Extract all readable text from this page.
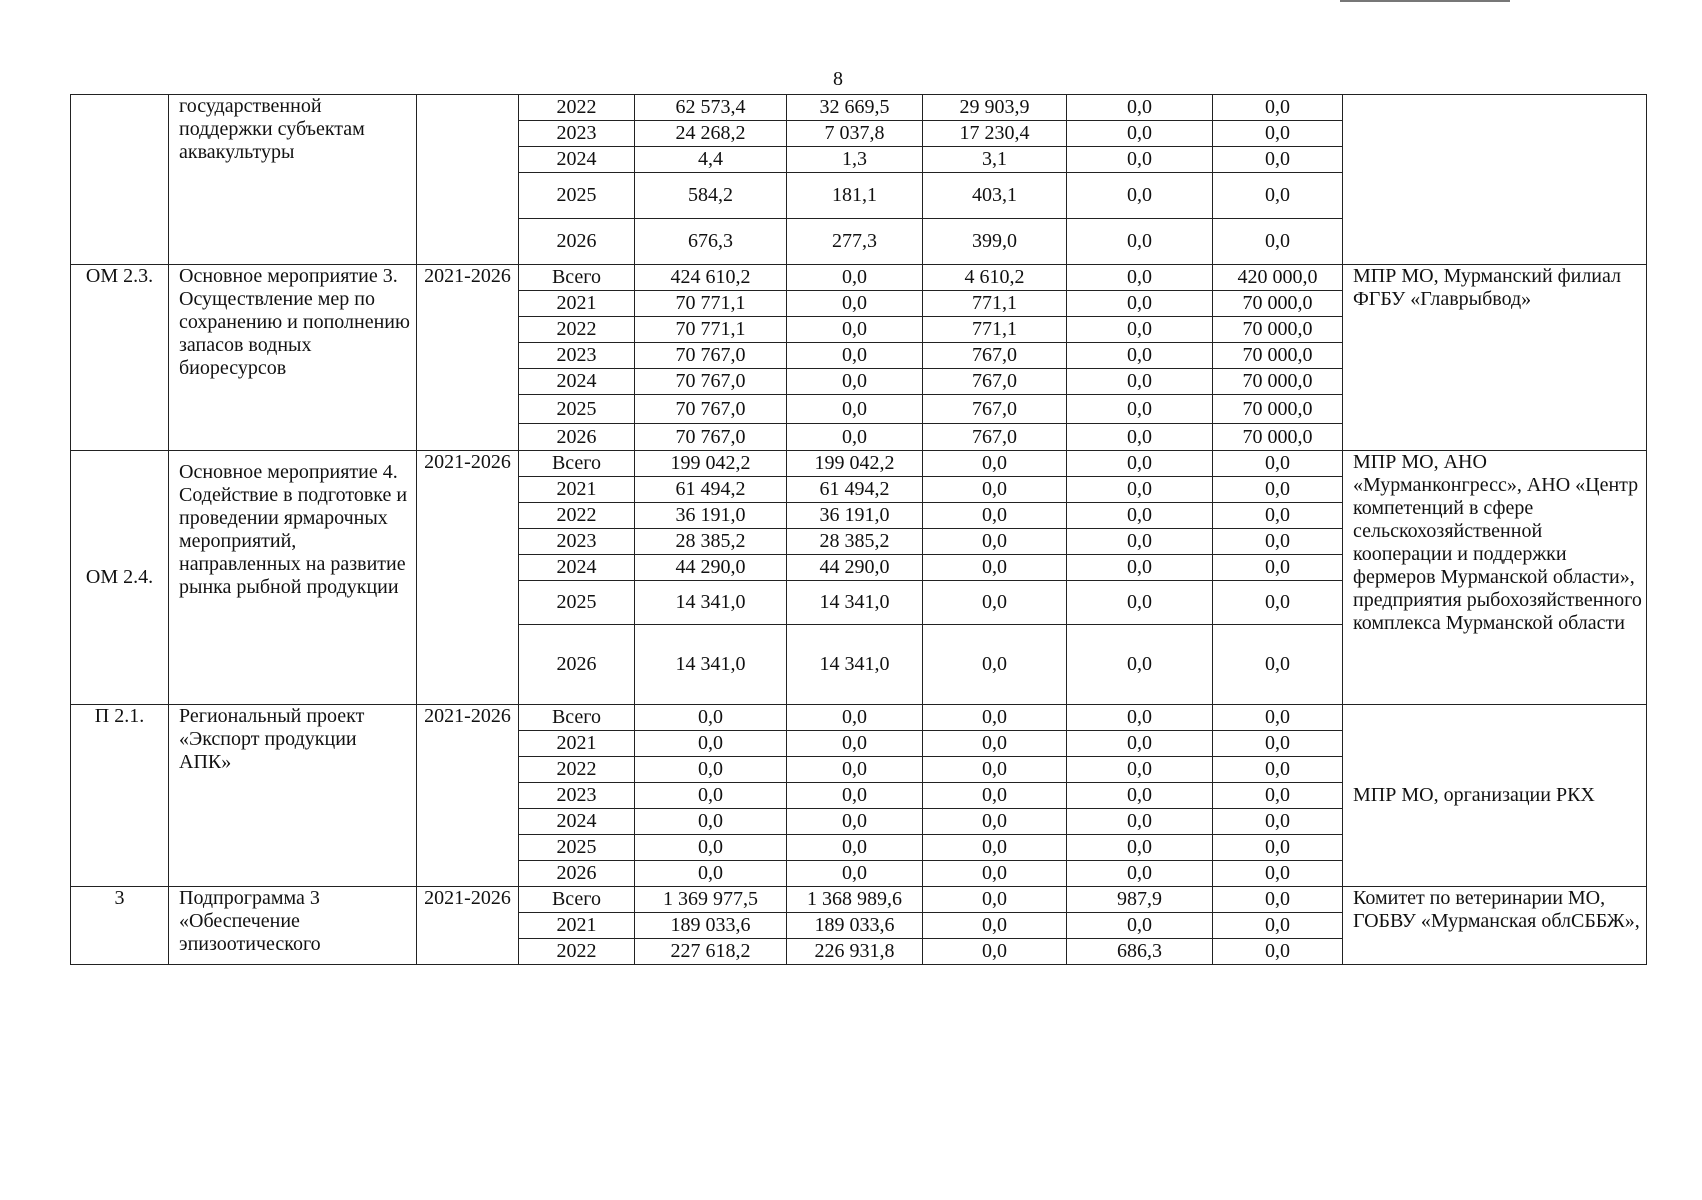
8
	государственной поддержки субъектам аквакультуры		2022	62 573,4	32 669,5	29 903,9	0,0	0,0	
			2023	24 268,2	7 037,8	17 230,4	0,0	0,0	
			2024	4,4	1,3	3,1	0,0	0,0	
			2025	584,2	181,1	403,1	0,0	0,0	
			2026	676,3	277,3	399,0	0,0	0,0	
ОМ 2.3.	Основное мероприятие 3. Осуществление мер по сохранению и пополнению запасов водных биоресурсов	2021-2026	Всего	424 610,2	0,0	4 610,2	0,0	420 000,0	МПР МО, Мурманский филиал ФГБУ «Главрыбвод»
			2021	70 771,1	0,0	771,1	0,0	70 000,0	
			2022	70 771,1	0,0	771,1	0,0	70 000,0	
			2023	70 767,0	0,0	767,0	0,0	70 000,0	
			2024	70 767,0	0,0	767,0	0,0	70 000,0	
			2025	70 767,0	0,0	767,0	0,0	70 000,0	
			2026	70 767,0	0,0	767,0	0,0	70 000,0	
ОМ 2.4.	Основное мероприятие 4. Содействие в подготовке и проведении ярмарочных мероприятий, направленных на развитие рынка рыбной продукции	2021-2026	Всего	199 042,2	199 042,2	0,0	0,0	0,0	МПР МО, АНО «Мурманконгресс», АНО «Центр компетенций в сфере сельскохозяйственной кооперации и поддержки фермеров Мурманской области», предприятия рыбохозяйственного комплекса Мурманской области
			2021	61 494,2	61 494,2	0,0	0,0	0,0	
			2022	36 191,0	36 191,0	0,0	0,0	0,0	
			2023	28 385,2	28 385,2	0,0	0,0	0,0	
			2024	44 290,0	44 290,0	0,0	0,0	0,0	
			2025	14 341,0	14 341,0	0,0	0,0	0,0	
			2026	14 341,0	14 341,0	0,0	0,0	0,0	
П 2.1.	Региональный проект «Экспорт продукции АПК»	2021-2026	Всего	0,0	0,0	0,0	0,0	0,0	МПР МО, организации РКХ
			2021	0,0	0,0	0,0	0,0	0,0	
			2022	0,0	0,0	0,0	0,0	0,0	
			2023	0,0	0,0	0,0	0,0	0,0	
			2024	0,0	0,0	0,0	0,0	0,0	
			2025	0,0	0,0	0,0	0,0	0,0	
			2026	0,0	0,0	0,0	0,0	0,0	
3	Подпрограмма 3 «Обеспечение эпизоотического	2021-2026	Всего	1 369 977,5	1 368 989,6	0,0	987,9	0,0	Комитет по ветеринарии МО, ГОБВУ «Мурманская облСББЖ»,
			2021	189 033,6	189 033,6	0,0	0,0	0,0	
			2022	227 618,2	226 931,8	0,0	686,3	0,0	
